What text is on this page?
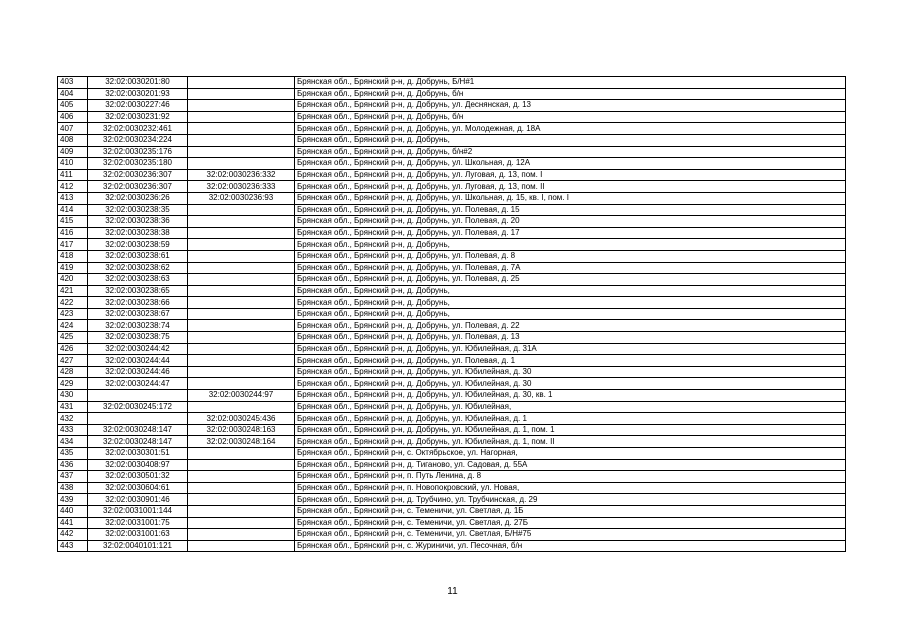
403	32:02:0030201:80		Брянская обл., Брянский р-н, д. Добрунь, Б/Н#1
404	32:02:0030201:93		Брянская обл., Брянский р-н, д. Добрунь, б/н
405	32:02:0030227:46		Брянская обл., Брянский р-н, д. Добрунь, ул. Деснянская, д. 13
406	32:02:0030231:92		Брянская обл., Брянский р-н, д. Добрунь, б/н
407	32:02:0030232:461		Брянская обл., Брянский р-н, д. Добрунь, ул. Молодежная, д. 18А
408	32:02:0030234:224		Брянская обл., Брянский р-н, д. Добрунь,
409	32:02:0030235:176		Брянская обл., Брянский р-н, д. Добрунь, б/н#2
410	32:02:0030235:180		Брянская обл., Брянский р-н, д. Добрунь, ул. Школьная, д. 12А
411	32:02:0030236:307	32:02:0030236:332	Брянская обл., Брянский р-н, д. Добрунь, ул. Луговая, д. 13, пом. I
412	32:02:0030236:307	32:02:0030236:333	Брянская обл., Брянский р-н, д. Добрунь, ул. Луговая, д. 13, пом. II
413	32:02:0030236:26	32:02:0030236:93	Брянская обл., Брянский р-н, д. Добрунь, ул. Школьная, д. 15, кв. I, пом. I
414	32:02:0030238:35		Брянская обл., Брянский р-н, д. Добрунь, ул. Полевая, д. 15
415	32:02:0030238:36		Брянская обл., Брянский р-н, д. Добрунь, ул. Полевая, д. 20
416	32:02:0030238:38		Брянская обл., Брянский р-н, д. Добрунь, ул. Полевая, д. 17
417	32:02:0030238:59		Брянская обл., Брянский р-н, д. Добрунь,
418	32:02:0030238:61		Брянская обл., Брянский р-н, д. Добрунь, ул. Полевая, д. 8
419	32:02:0030238:62		Брянская обл., Брянский р-н, д. Добрунь, ул. Полевая, д. 7А
420	32:02:0030238:63		Брянская обл., Брянский р-н, д. Добрунь, ул. Полевая, д. 25
421	32:02:0030238:65		Брянская обл., Брянский р-н, д. Добрунь,
422	32:02:0030238:66		Брянская обл., Брянский р-н, д. Добрунь,
423	32:02:0030238:67		Брянская обл., Брянский р-н, д. Добрунь,
424	32:02:0030238:74		Брянская обл., Брянский р-н, д. Добрунь, ул. Полевая, д. 22
425	32:02:0030238:75		Брянская обл., Брянский р-н, д. Добрунь, ул. Полевая, д. 13
426	32:02:0030244:42		Брянская обл., Брянский р-н, д. Добрунь, ул. Юбилейная, д. 31А
427	32:02:0030244:44		Брянская обл., Брянский р-н, д. Добрунь, ул. Полевая, д. 1
428	32:02:0030244:46		Брянская обл., Брянский р-н, д. Добрунь, ул. Юбилейная, д. 30
429	32:02:0030244:47		Брянская обл., Брянский р-н, д. Добрунь, ул. Юбилейная, д. 30
430		32:02:0030244:97	Брянская обл., Брянский р-н, д. Добрунь, ул. Юбилейная, д. 30, кв. 1
431	32:02:0030245:172		Брянская обл., Брянский р-н, д. Добрунь, ул. Юбилейная,
432		32:02:0030245:436	Брянская обл., Брянский р-н, д. Добрунь, ул. Юбилейная, д. 1
433	32:02:0030248:147	32:02:0030248:163	Брянская обл., Брянский р-н, д. Добрунь, ул. Юбилейная, д. 1, пом. 1
434	32:02:0030248:147	32:02:0030248:164	Брянская обл., Брянский р-н, д. Добрунь, ул. Юбилейная, д. 1, пом. II
435	32:02:0030301:51		Брянская обл., Брянский р-н, с. Октябрьское, ул. Нагорная,
436	32:02:0030408:97		Брянская обл., Брянский р-н, д. Тиганово, ул. Садовая, д. 55А
437	32:02:0030501:32		Брянская обл., Брянский р-н, п. Путь Ленина, д. 8
438	32:02:0030604:61		Брянская обл., Брянский р-н, п. Новопокровский, ул. Новая,
439	32:02:0030901:46		Брянская обл., Брянский р-н, д. Трубчино, ул. Трубчинская, д. 29
440	32:02:0031001:144		Брянская обл., Брянский р-н, с. Теменичи, ул. Светлая, д. 1Б
441	32:02:0031001:75		Брянская обл., Брянский р-н, с. Теменичи, ул. Светлая, д. 27Б
442	32:02:0031001:63		Брянская обл., Брянский р-н, с. Теменичи, ул. Светлая, Б/Н#75
443	32:02:0040101:121		Брянская обл., Брянский р-н, с. Журиничи, ул. Песочная, б/н
11
